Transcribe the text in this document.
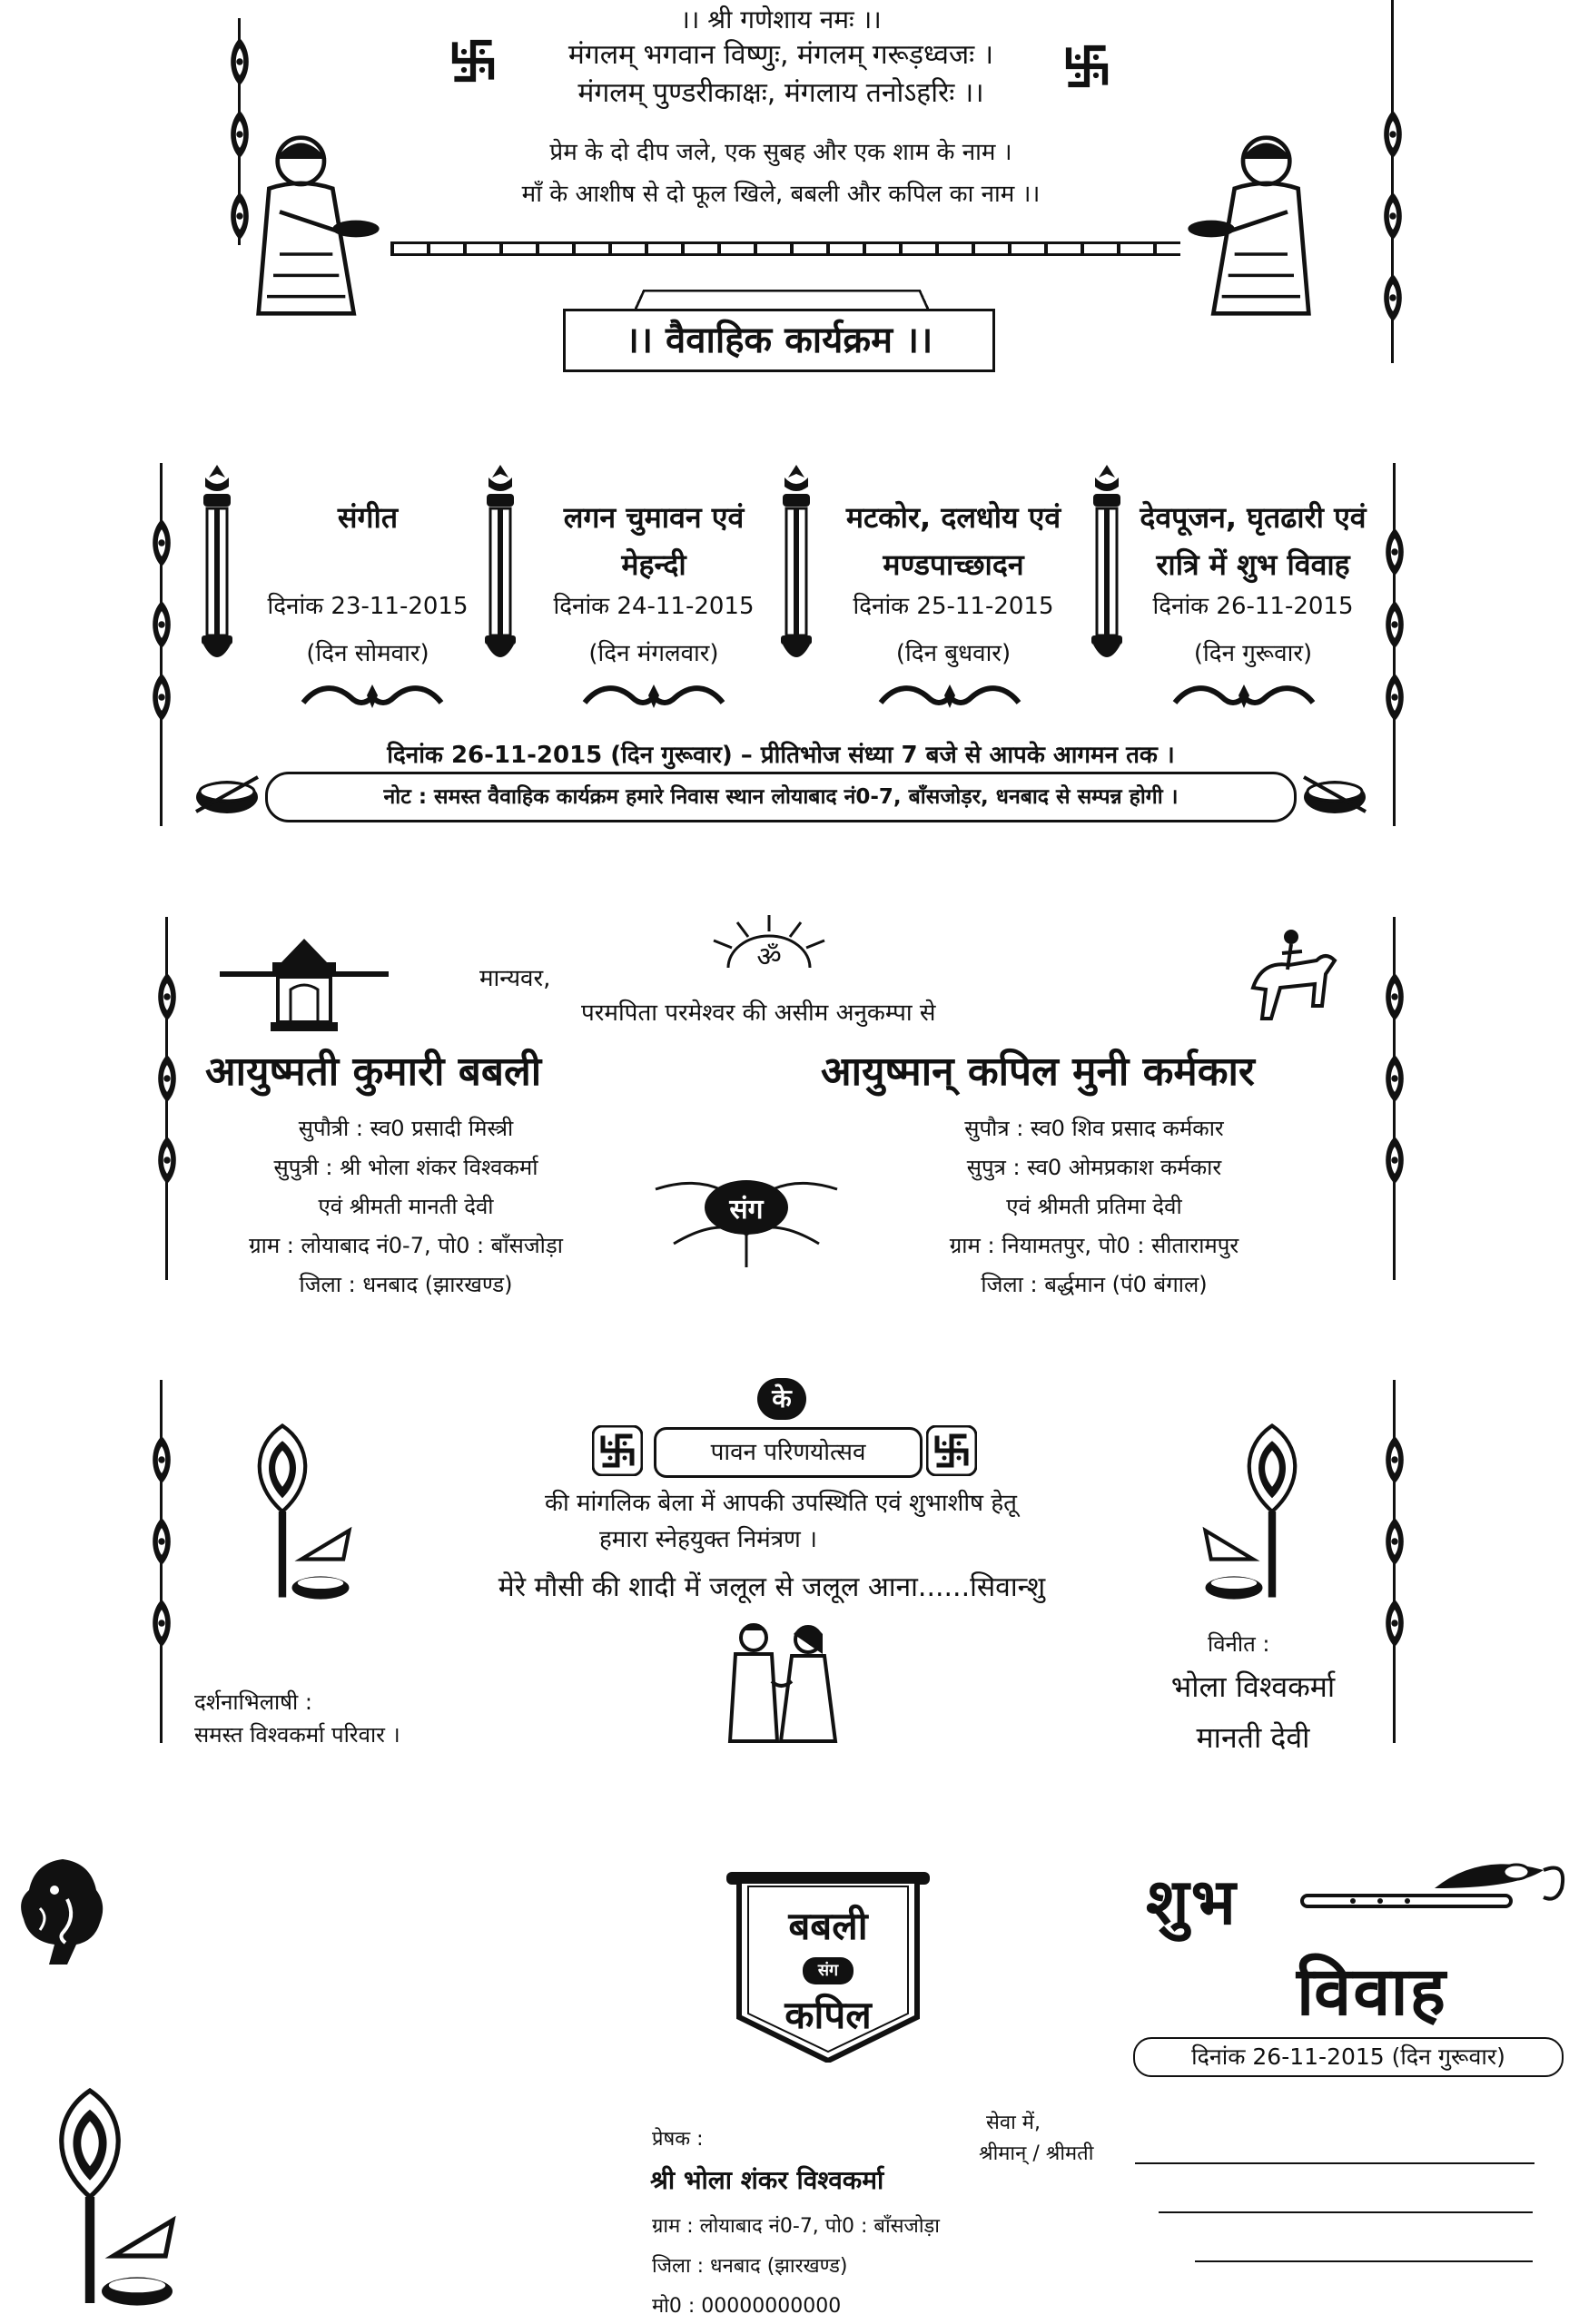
।। श्री गणेशाय नमः ।।
मंगलम् भगवान विष्णुः, मंगलम् गरूड़ध्वजः ।
मंगलम् पुण्डरीकाक्षः, मंगलाय तनोऽहरिः ।।
प्रेम के दो दीप जले, एक सुबह और एक शाम के नाम ।
माँ के आशीष से दो फूल खिले, बबली और कपिल का नाम ।।
।। वैवाहिक कार्यक्रम ।।
संगीत
दिनांक 23-11-2015
(दिन सोमवार)
लगन चुमावन एवं मेहन्दी
दिनांक 24-11-2015
(दिन मंगलवार)
मटकोर, दलधोय एवं मण्डपाच्छादन
दिनांक 25-11-2015
(दिन बुधवार)
देवपूजन, घृतढारी एवं रात्रि में शुभ विवाह
दिनांक 26-11-2015
(दिन गुरूवार)
दिनांक 26-11-2015 (दिन गुरूवार) – प्रीतिभोज संध्या 7 बजे से आपके आगमन तक ।
नोट : समस्त वैवाहिक कार्यक्रम हमारे निवास स्थान लोयाबाद नं0-7, बाँसजोड़र, धनबाद से सम्पन्न होगी ।
ॐ
मान्यवर,
परमपिता परमेश्वर की असीम अनुकम्पा से
आयुष्मती कुमारी बबली	आयुष्मान् कपिल मुनी कर्मकार
सुपौत्री : स्व0 प्रसादी मिस्त्री
सुपुत्री : श्री भोला शंकर विश्वकर्मा
एवं श्रीमती मानती देवी
ग्राम : लोयाबाद नं0-7, पो0 : बाँसजोड़ा
जिला : धनबाद (झारखण्ड)
सुपौत्र : स्व0 शिव प्रसाद कर्मकार
सुपुत्र : स्व0 ओमप्रकाश कर्मकार
एवं श्रीमती प्रतिमा देवी
ग्राम : नियामतपुर, पो0 : सीतारामपुर
जिला : बर्द्धमान (पं0 बंगाल)
संग
के
पावन परिणयोत्सव
की मांगलिक बेला में आपकी उपस्थिति एवं शुभाशीष हेतू
हमारा स्नेहयुक्त निमंत्रण ।
मेरे मौसी की शादी में जलूल से जलूल आना......सिवान्शु
दर्शनाभिलाषी :
समस्त विश्वकर्मा परिवार ।
विनीत :
भोला विश्वकर्मा
मानती देवी
बबली
संग
कपिल
शुभ
विवाह
दिनांक 26-11-2015 (दिन गुरूवार)
प्रेषक :
श्री भोला शंकर विश्वकर्मा
ग्राम : लोयाबाद नं0-7, पो0 : बाँसजोड़ा
जिला : धनबाद (झारखण्ड)
मो0 : 00000000000
सेवा में,
श्रीमान् / श्रीमती
